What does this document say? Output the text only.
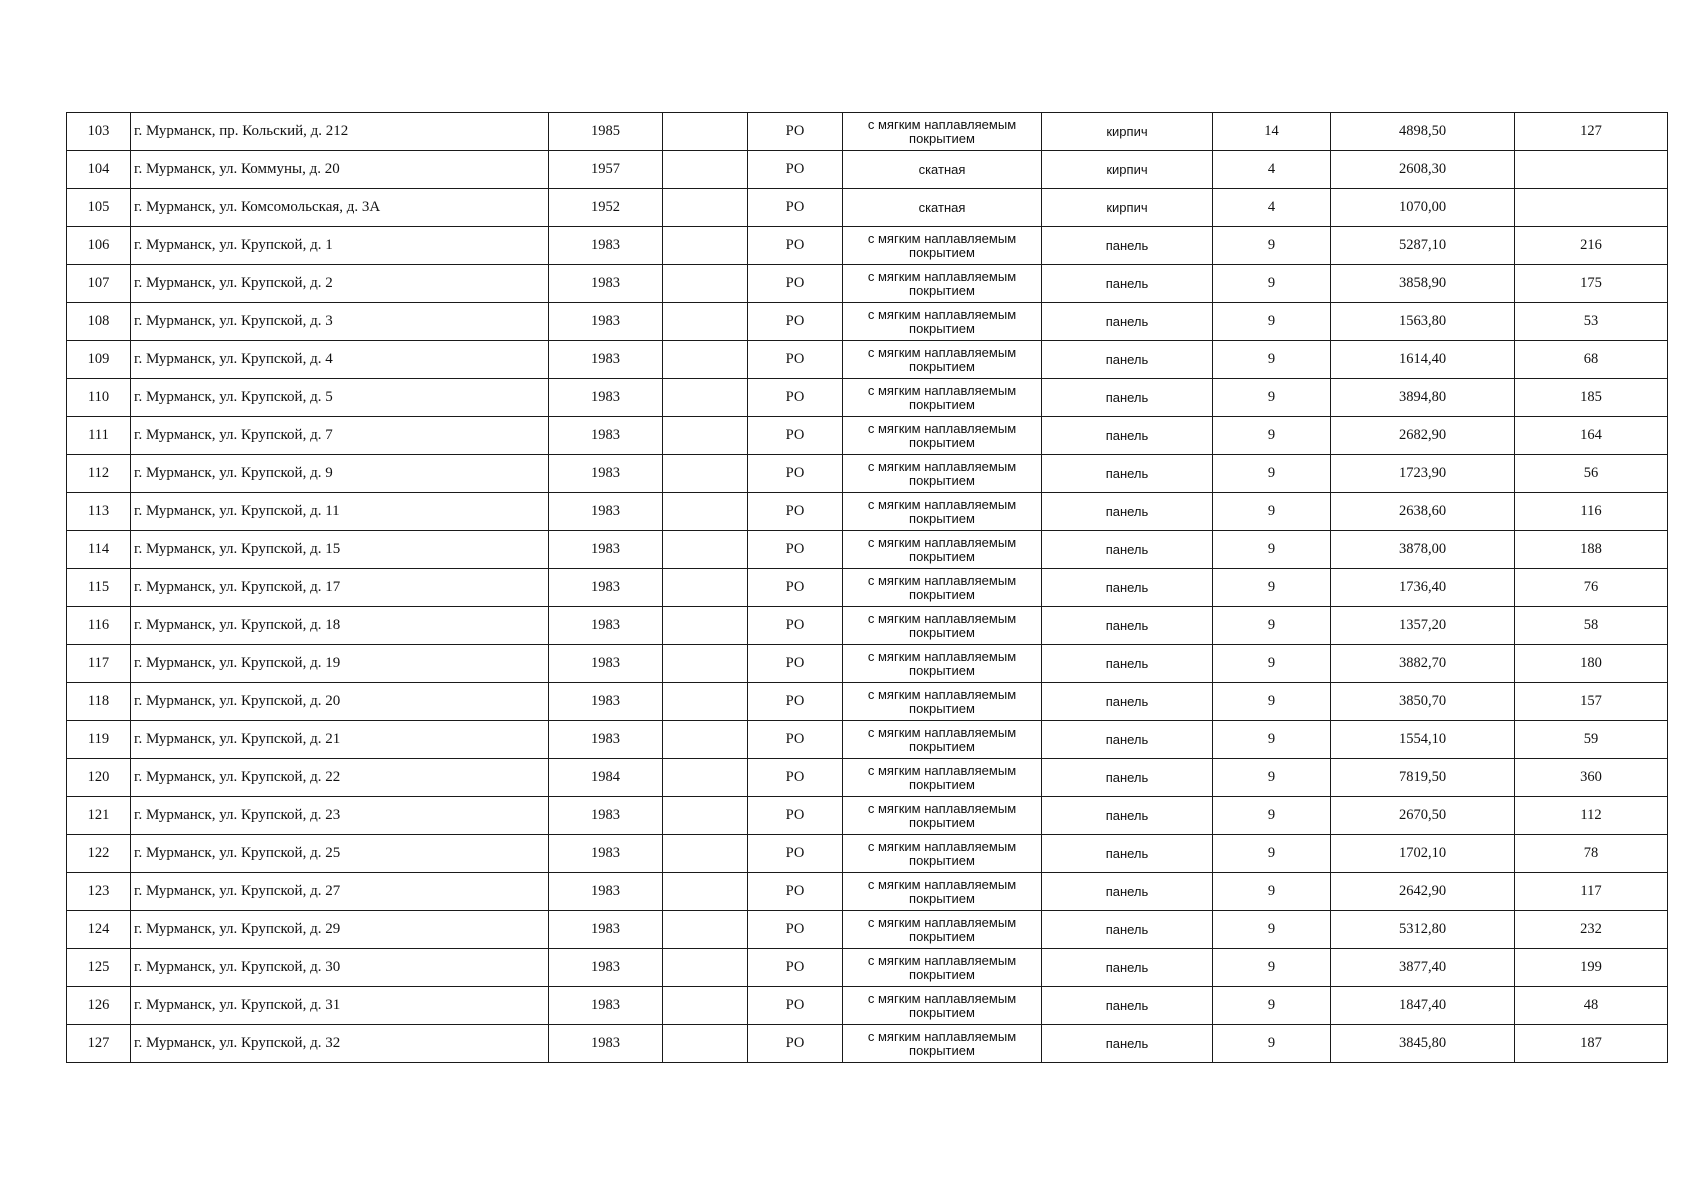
103	г. Мурманск, пр. Кольский, д. 212	1985		РО	с мягким наплавляемым покрытием	кирпич	14	4898,50	127
104	г. Мурманск, ул. Коммуны, д. 20	1957		РО	скатная	кирпич	4	2608,30	
105	г. Мурманск, ул. Комсомольская, д. 3А	1952		РО	скатная	кирпич	4	1070,00	
106	г. Мурманск, ул. Крупской, д. 1	1983		РО	с мягким наплавляемым покрытием	панель	9	5287,10	216
107	г. Мурманск, ул. Крупской, д. 2	1983		РО	с мягким наплавляемым покрытием	панель	9	3858,90	175
108	г. Мурманск, ул. Крупской, д. 3	1983		РО	с мягким наплавляемым покрытием	панель	9	1563,80	53
109	г. Мурманск, ул. Крупской, д. 4	1983		РО	с мягким наплавляемым покрытием	панель	9	1614,40	68
110	г. Мурманск, ул. Крупской, д. 5	1983		РО	с мягким наплавляемым покрытием	панель	9	3894,80	185
111	г. Мурманск, ул. Крупской, д. 7	1983		РО	с мягким наплавляемым покрытием	панель	9	2682,90	164
112	г. Мурманск, ул. Крупской, д. 9	1983		РО	с мягким наплавляемым покрытием	панель	9	1723,90	56
113	г. Мурманск, ул. Крупской, д. 11	1983		РО	с мягким наплавляемым покрытием	панель	9	2638,60	116
114	г. Мурманск, ул. Крупской, д. 15	1983		РО	с мягким наплавляемым покрытием	панель	9	3878,00	188
115	г. Мурманск, ул. Крупской, д. 17	1983		РО	с мягким наплавляемым покрытием	панель	9	1736,40	76
116	г. Мурманск, ул. Крупской, д. 18	1983		РО	с мягким наплавляемым покрытием	панель	9	1357,20	58
117	г. Мурманск, ул. Крупской, д. 19	1983		РО	с мягким наплавляемым покрытием	панель	9	3882,70	180
118	г. Мурманск, ул. Крупской, д. 20	1983		РО	с мягким наплавляемым покрытием	панель	9	3850,70	157
119	г. Мурманск, ул. Крупской, д. 21	1983		РО	с мягким наплавляемым покрытием	панель	9	1554,10	59
120	г. Мурманск, ул. Крупской, д. 22	1984		РО	с мягким наплавляемым покрытием	панель	9	7819,50	360
121	г. Мурманск, ул. Крупской, д. 23	1983		РО	с мягким наплавляемым покрытием	панель	9	2670,50	112
122	г. Мурманск, ул. Крупской, д. 25	1983		РО	с мягким наплавляемым покрытием	панель	9	1702,10	78
123	г. Мурманск, ул. Крупской, д. 27	1983		РО	с мягким наплавляемым покрытием	панель	9	2642,90	117
124	г. Мурманск, ул. Крупской, д. 29	1983		РО	с мягким наплавляемым покрытием	панель	9	5312,80	232
125	г. Мурманск, ул. Крупской, д. 30	1983		РО	с мягким наплавляемым покрытием	панель	9	3877,40	199
126	г. Мурманск, ул. Крупской, д. 31	1983		РО	с мягким наплавляемым покрытием	панель	9	1847,40	48
127	г. Мурманск, ул. Крупской, д. 32	1983		РО	с мягким наплавляемым покрытием	панель	9	3845,80	187
